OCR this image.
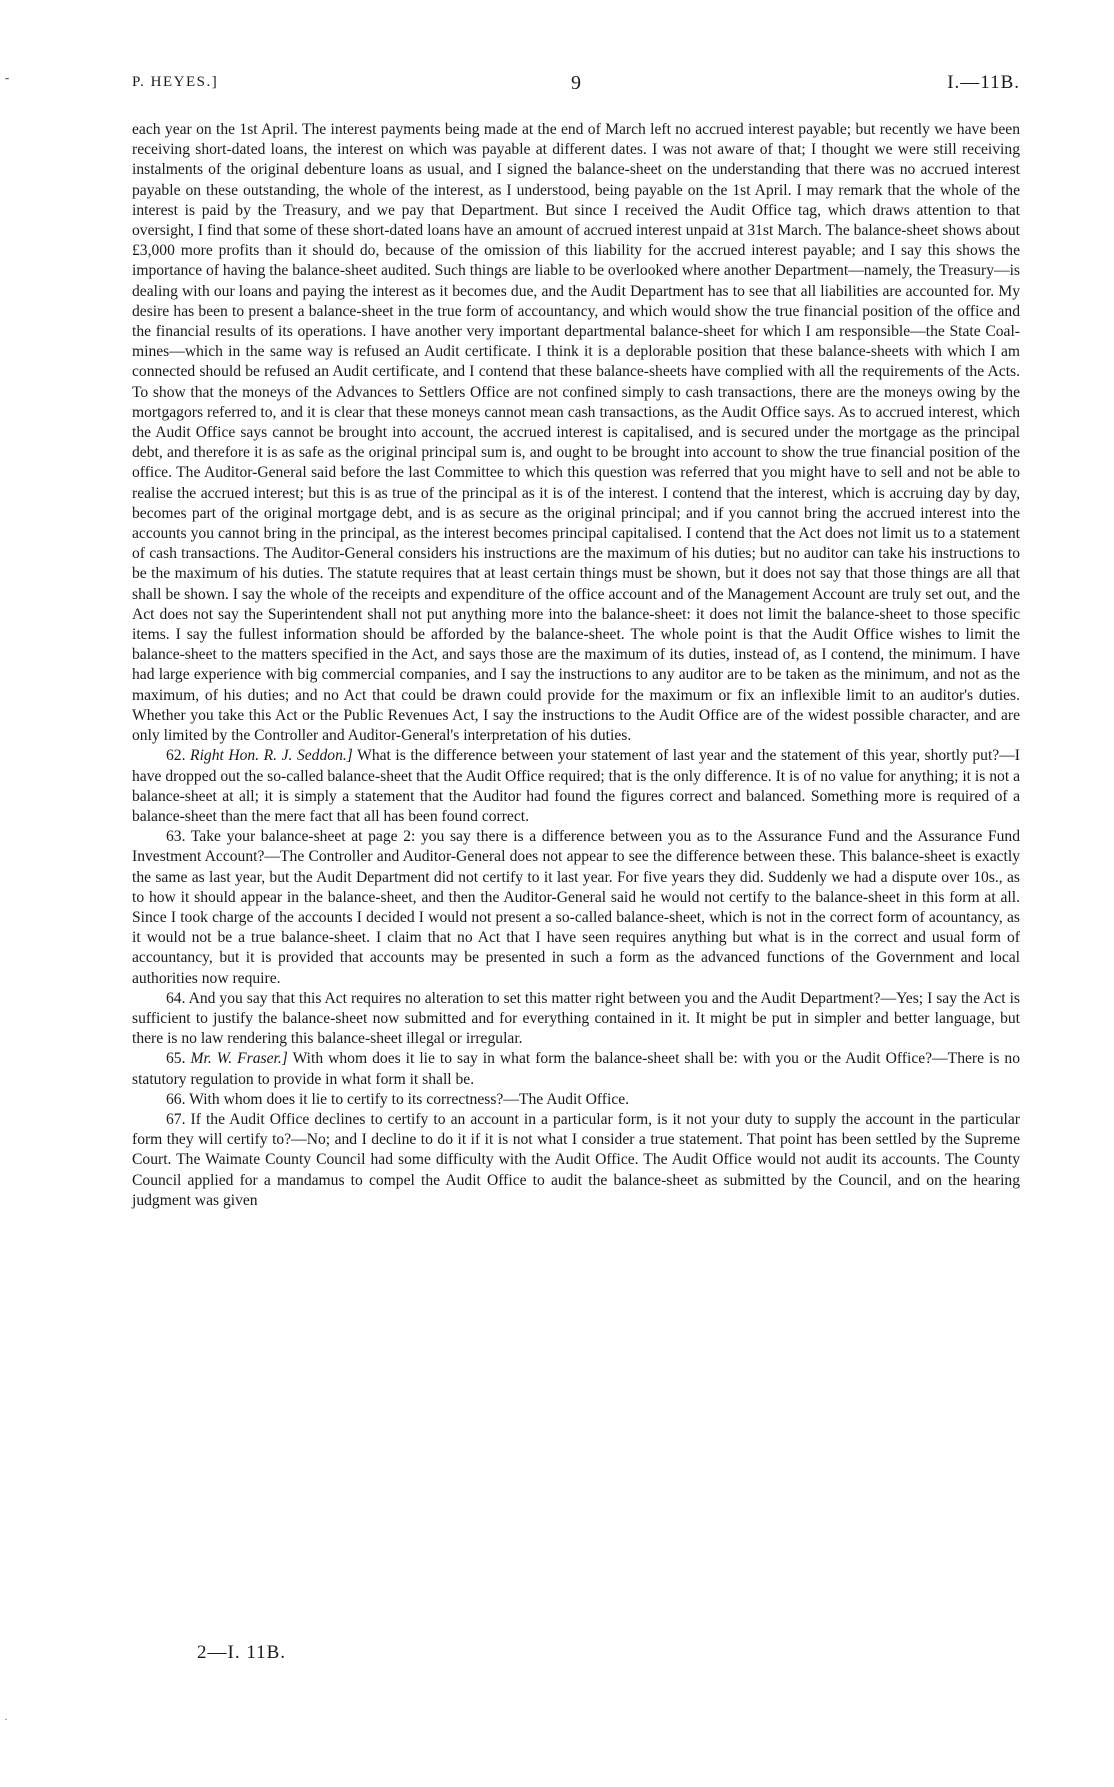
⁃	P. HEYES.]	9	I.—11B.

each year on the 1st April. The interest payments being made at the end of March left no accrued interest payable; but recently we have been receiving short-dated loans, the interest on which was payable at different dates. I was not aware of that; I thought we were still receiving instalments of the original debenture loans as usual, and I signed the balance-sheet on the understanding that there was no accrued interest payable on these outstanding, the whole of the interest, as I understood, being payable on the 1st April. I may remark that the whole of the interest is paid by the Treasury, and we pay that Department. But since I received the Audit Office tag, which draws attention to that oversight, I find that some of these short-dated loans have an amount of accrued interest unpaid at 31st March. The balance-sheet shows about £3,000 more profits than it should do, because of the omission of this liability for the accrued interest payable; and I say this shows the importance of having the balance-sheet audited. Such things are liable to be overlooked where another Department—namely, the Treasury—is dealing with our loans and paying the interest as it becomes due, and the Audit Department has to see that all liabilities are accounted for. My desire has been to present a balance-sheet in the true form of accountancy, and which would show the true financial position of the office and the financial results of its operations. I have another very important departmental balance-sheet for which I am responsible—the State Coal-mines—which in the same way is refused an Audit certificate. I think it is a deplorable position that these balance-sheets with which I am connected should be refused an Audit certificate, and I contend that these balance-sheets have complied with all the requirements of the Acts. To show that the moneys of the Advances to Settlers Office are not confined simply to cash transactions, there are the moneys owing by the mortgagors referred to, and it is clear that these moneys cannot mean cash transactions, as the Audit Office says. As to accrued interest, which the Audit Office says cannot be brought into account, the accrued interest is capitalised, and is secured under the mortgage as the principal debt, and therefore it is as safe as the original principal sum is, and ought to be brought into account to show the true financial position of the office. The Auditor-General said before the last Committee to which this question was referred that you might have to sell and not be able to realise the accrued interest; but this is as true of the principal as it is of the interest. I contend that the interest, which is accruing day by day, becomes part of the original mortgage debt, and is as secure as the original principal; and if you cannot bring the accrued interest into the accounts you cannot bring in the principal, as the interest becomes principal capitalised. I contend that the Act does not limit us to a statement of cash transactions. The Auditor-General considers his instructions are the maximum of his duties; but no auditor can take his instructions to be the maximum of his duties. The statute requires that at least certain things must be shown, but it does not say that those things are all that shall be shown. I say the whole of the receipts and expenditure of the office account and of the Management Account are truly set out, and the Act does not say the Superintendent shall not put anything more into the balance-sheet: it does not limit the balance-sheet to those specific items. I say the fullest information should be afforded by the balance-sheet. The whole point is that the Audit Office wishes to limit the balance-sheet to the matters specified in the Act, and says those are the maximum of its duties, instead of, as I contend, the minimum. I have had large experience with big commercial companies, and I say the instructions to any auditor are to be taken as the minimum, and not as the maximum, of his duties; and no Act that could be drawn could provide for the maximum or fix an inflexible limit to an auditor's duties. Whether you take this Act or the Public Revenues Act, I say the instructions to the Audit Office are of the widest possible character, and are only limited by the Controller and Auditor-General's interpretation of his duties.

62. Right Hon. R. J. Seddon.] What is the difference between your statement of last year and the statement of this year, shortly put?—I have dropped out the so-called balance-sheet that the Audit Office required; that is the only difference. It is of no value for anything; it is not a balance-sheet at all; it is simply a statement that the Auditor had found the figures correct and balanced. Something more is required of a balance-sheet than the mere fact that all has been found correct.

63. Take your balance-sheet at page 2: you say there is a difference between you as to the Assurance Fund and the Assurance Fund Investment Account?—The Controller and Auditor-General does not appear to see the difference between these. This balance-sheet is exactly the same as last year, but the Audit Department did not certify to it last year. For five years they did. Suddenly we had a dispute over 10s., as to how it should appear in the balance-sheet, and then the Auditor-General said he would not certify to the balance-sheet in this form at all. Since I took charge of the accounts I decided I would not present a so-called balance-sheet, which is not in the correct form of acountancy, as it would not be a true balance-sheet. I claim that no Act that I have seen requires anything but what is in the correct and usual form of accountancy, but it is provided that accounts may be presented in such a form as the advanced functions of the Government and local authorities now require.

64. And you say that this Act requires no alteration to set this matter right between you and the Audit Department?—Yes; I say the Act is sufficient to justify the balance-sheet now submitted and for everything contained in it. It might be put in simpler and better language, but there is no law rendering this balance-sheet illegal or irregular.

65. Mr. W. Fraser.] With whom does it lie to say in what form the balance-sheet shall be: with you or the Audit Office?—There is no statutory regulation to provide in what form it shall be.

66. With whom does it lie to certify to its correctness?—The Audit Office.

67. If the Audit Office declines to certify to an account in a particular form, is it not your duty to supply the account in the particular form they will certify to?—No; and I decline to do it if it is not what I consider a true statement. That point has been settled by the Supreme Court. The Waimate County Council had some difficulty with the Audit Office. The Audit Office would not audit its accounts. The County Council applied for a mandamus to compel the Audit Office to audit the balance-sheet as submitted by the Council, and on the hearing judgment was given

2—I. 11B.
·
